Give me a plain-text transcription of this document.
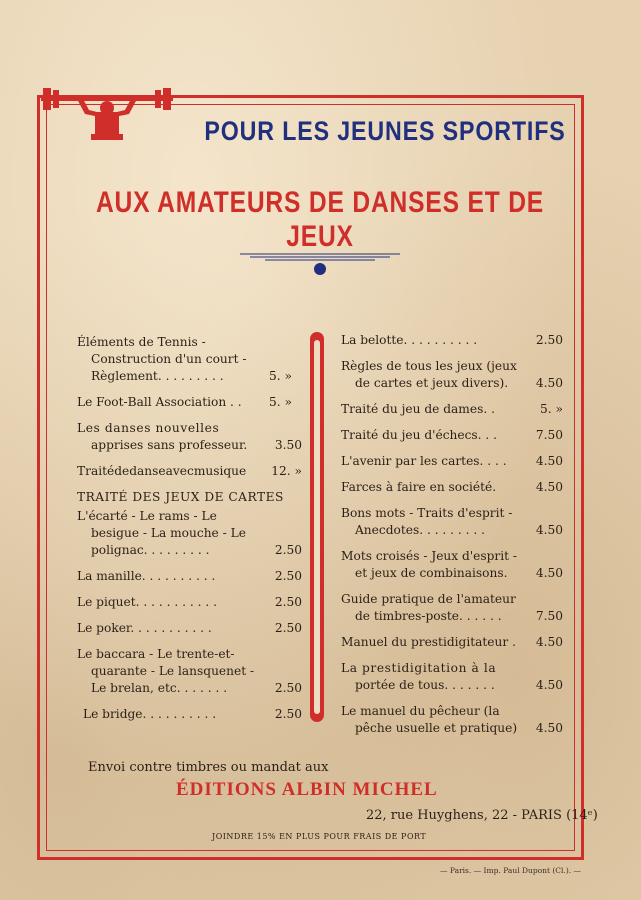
POUR LES JEUNES SPORTIFS
AUX AMATEURS DE DANSES ET DE JEUX
Éléments de Tennis -
Construction d'un court -
Règlement. . . . . . . . .	5. »
Le Foot-Ball Association . .	5. »
Les danses nouvelles
apprises sans professeur.	3.50
Traitédedanseavecmusique	12. »
TRAITÉ DES JEUX DE CARTES
L'écarté - Le rams - Le
besigue - La mouche - Le
polignac. . . . . . . . .	2.50
La manille. . . . . . . . . .	2.50
Le piquet. . . . . . . . . . .	2.50
Le poker. . . . . . . . . . .	2.50
Le baccara - Le trente-et-
quarante - Le lansquenet -
Le brelan, etc. . . . . . .	2.50
Le bridge. . . . . . . . . .	2.50
La belotte. . . . . . . . . .	2.50
Règles de tous les jeux (jeux
de cartes et jeux divers).	4.50
Traité du jeu de dames. .	5. »
Traité du jeu d'échecs. . .	7.50
L'avenir par les cartes. . . .	4.50
Farces à faire en société.	4.50
Bons mots - Traits d'esprit -
Anecdotes. . . . . . . . .	4.50
Mots croisés - Jeux d'esprit -
et jeux de combinaisons.	4.50
Guide pratique de l'amateur
de timbres-poste. . . . . .	7.50
Manuel du prestidigitateur .	4.50
La prestidigitation à la
portée de tous. . . . . . .	4.50
Le manuel du pêcheur (la
pêche usuelle et pratique)	4.50
Envoi contre timbres ou mandat aux
ÉDITIONS ALBIN MICHEL
22, rue Huyghens, 22 - PARIS (14ᵉ)
JOINDRE 15% EN PLUS POUR FRAIS DE PORT
— Paris. — Imp. Paul Dupont (Cl.). —
